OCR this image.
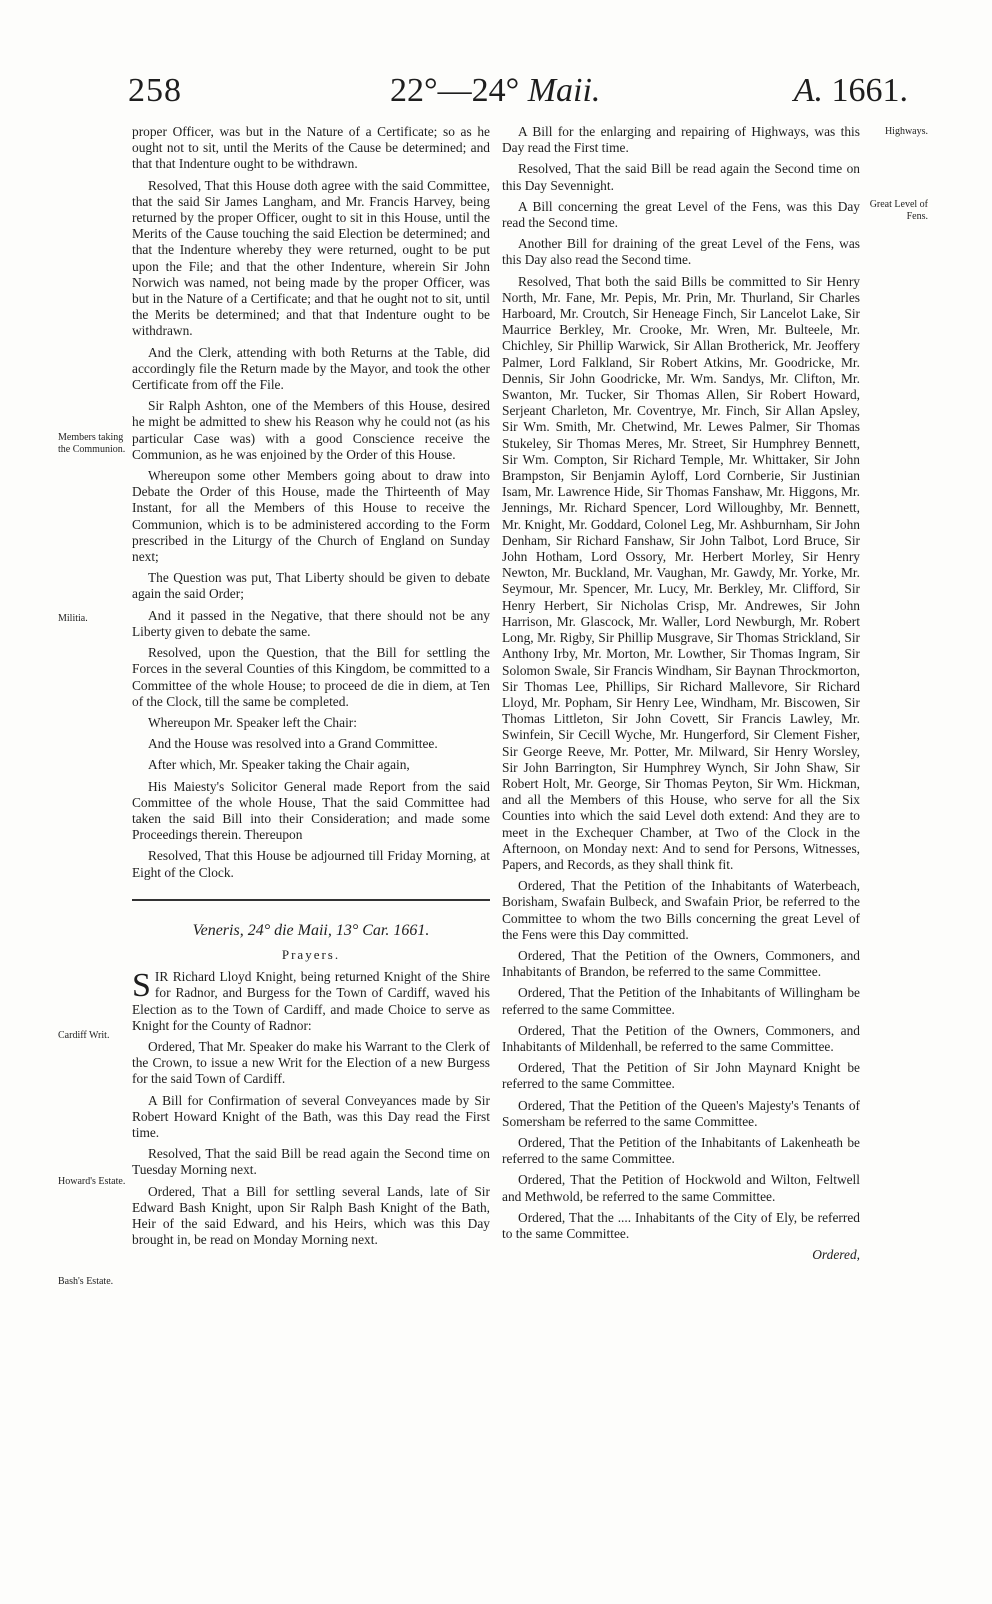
258	22°—24° Maii.	A. 1661.
Members taking the Communion.
Militia.
Cardiff Writ.
Howard's Estate.
Bash's Estate.
Highways.
Great Level of Fens.

proper Officer, was but in the Nature of a Certificate; so as he ought not to sit, until the Merits of the Cause be determined; and that that Indenture ought to be withdrawn.

Resolved, That this House doth agree with the said Committee, that the said Sir James Langham, and Mr. Francis Harvey, being returned by the proper Officer, ought to sit in this House, until the Merits of the Cause touching the said Election be determined; and that the Indenture whereby they were returned, ought to be put upon the File; and that the other Indenture, wherein Sir John Norwich was named, not being made by the proper Officer, was but in the Nature of a Certificate; and that he ought not to sit, until the Merits be determined; and that that Indenture ought to be withdrawn.

And the Clerk, attending with both Returns at the Table, did accordingly file the Return made by the Mayor, and took the other Certificate from off the File.

Sir Ralph Ashton, one of the Members of this House, desired he might be admitted to shew his Reason why he could not (as his particular Case was) with a good Conscience receive the Communion, as he was enjoined by the Order of this House.

Whereupon some other Members going about to draw into Debate the Order of this House, made the Thirteenth of May Instant, for all the Members of this House to receive the Communion, which is to be administered according to the Form prescribed in the Liturgy of the Church of England on Sunday next;

The Question was put, That Liberty should be given to debate again the said Order;

And it passed in the Negative, that there should not be any Liberty given to debate the same.

Resolved, upon the Question, that the Bill for settling the Forces in the several Counties of this Kingdom, be committed to a Committee of the whole House; to proceed de die in diem, at Ten of the Clock, till the same be completed.

Whereupon Mr. Speaker left the Chair:

And the House was resolved into a Grand Committee.

After which, Mr. Speaker taking the Chair again,

His Maiesty's Solicitor General made Report from the said Committee of the whole House, That the said Committee had taken the said Bill into their Consideration; and made some Proceedings therein. Thereupon

Resolved, That this House be adjourned till Friday Morning, at Eight of the Clock.

Veneris, 24° die Maii, 13° Car. 1661.
Prayers.

SIR Richard Lloyd Knight, being returned Knight of the Shire for Radnor, and Burgess for the Town of Cardiff, waved his Election as to the Town of Cardiff, and made Choice to serve as Knight for the County of Radnor:

Ordered, That Mr. Speaker do make his Warrant to the Clerk of the Crown, to issue a new Writ for the Election of a new Burgess for the said Town of Cardiff.

A Bill for Confirmation of several Conveyances made by Sir Robert Howard Knight of the Bath, was this Day read the First time.

Resolved, That the said Bill be read again the Second time on Tuesday Morning next.

Ordered, That a Bill for settling several Lands, late of Sir Edward Bash Knight, upon Sir Ralph Bash Knight of the Bath, Heir of the said Edward, and his Heirs, which was this Day brought in, be read on Monday Morning next.

A Bill for the enlarging and repairing of Highways, was this Day read the First time.

Resolved, That the said Bill be read again the Second time on this Day Sevennight.

A Bill concerning the great Level of the Fens, was this Day read the Second time.

Another Bill for draining of the great Level of the Fens, was this Day also read the Second time.

Resolved, That both the said Bills be committed to Sir Henry North, Mr. Fane, Mr. Pepis, Mr. Prin, Mr. Thurland, Sir Charles Harboard, Mr. Croutch, Sir Heneage Finch, Sir Lancelot Lake, Sir Maurrice Berkley, Mr. Crooke, Mr. Wren, Mr. Bulteele, Mr. Chichley, Sir Phillip Warwick, Sir Allan Brotherick, Mr. Jeoffery Palmer, Lord Falkland, Sir Robert Atkins, Mr. Goodricke, Mr. Dennis, Sir John Goodricke, Mr. Wm. Sandys, Mr. Clifton, Mr. Swanton, Mr. Tucker, Sir Thomas Allen, Sir Robert Howard, Serjeant Charleton, Mr. Coventrye, Mr. Finch, Sir Allan Apsley, Sir Wm. Smith, Mr. Chetwind, Mr. Lewes Palmer, Sir Thomas Stukeley, Sir Thomas Meres, Mr. Street, Sir Humphrey Bennett, Sir Wm. Compton, Sir Richard Temple, Mr. Whittaker, Sir John Brampston, Sir Benjamin Ayloff, Lord Cornberie, Sir Justinian Isam, Mr. Lawrence Hide, Sir Thomas Fanshaw, Mr. Higgons, Mr. Jennings, Mr. Richard Spencer, Lord Willoughby, Mr. Bennett, Mr. Knight, Mr. Goddard, Colonel Leg, Mr. Ashburnham, Sir John Denham, Sir Richard Fanshaw, Sir John Talbot, Lord Bruce, Sir John Hotham, Lord Ossory, Mr. Herbert Morley, Sir Henry Newton, Mr. Buckland, Mr. Vaughan, Mr. Gawdy, Mr. Yorke, Mr. Seymour, Mr. Spencer, Mr. Lucy, Mr. Berkley, Mr. Clifford, Sir Henry Herbert, Sir Nicholas Crisp, Mr. Andrewes, Sir John Harrison, Mr. Glascock, Mr. Waller, Lord Newburgh, Mr. Robert Long, Mr. Rigby, Sir Phillip Musgrave, Sir Thomas Strickland, Sir Anthony Irby, Mr. Morton, Mr. Lowther, Sir Thomas Ingram, Sir Solomon Swale, Sir Francis Windham, Sir Baynan Throckmorton, Sir Thomas Lee, Phillips, Sir Richard Mallevore, Sir Richard Lloyd, Mr. Popham, Sir Henry Lee, Windham, Mr. Biscowen, Sir Thomas Littleton, Sir John Covett, Sir Francis Lawley, Mr. Swinfein, Sir Cecill Wyche, Mr. Hungerford, Sir Clement Fisher, Sir George Reeve, Mr. Potter, Mr. Milward, Sir Henry Worsley, Sir John Barrington, Sir Humphrey Wynch, Sir John Shaw, Sir Robert Holt, Mr. George, Sir Thomas Peyton, Sir Wm. Hickman, and all the Members of this House, who serve for all the Six Counties into which the said Level doth extend: And they are to meet in the Exchequer Chamber, at Two of the Clock in the Afternoon, on Monday next: And to send for Persons, Witnesses, Papers, and Records, as they shall think fit.

Ordered, That the Petition of the Inhabitants of Waterbeach, Borisham, Swafain Bulbeck, and Swafain Prior, be referred to the Committee to whom the two Bills concerning the great Level of the Fens were this Day committed.

Ordered, That the Petition of the Owners, Commoners, and Inhabitants of Brandon, be referred to the same Committee.

Ordered, That the Petition of the Inhabitants of Willingham be referred to the same Committee.

Ordered, That the Petition of the Owners, Commoners, and Inhabitants of Mildenhall, be referred to the same Committee.

Ordered, That the Petition of Sir John Maynard Knight be referred to the same Committee.

Ordered, That the Petition of the Queen's Majesty's Tenants of Somersham be referred to the same Committee.

Ordered, That the Petition of the Inhabitants of Lakenheath be referred to the same Committee.

Ordered, That the Petition of Hockwold and Wilton, Feltwell and Methwold, be referred to the same Committee.

Ordered, That the .... Inhabitants of the City of Ely, be referred to the same Committee.

Ordered,
